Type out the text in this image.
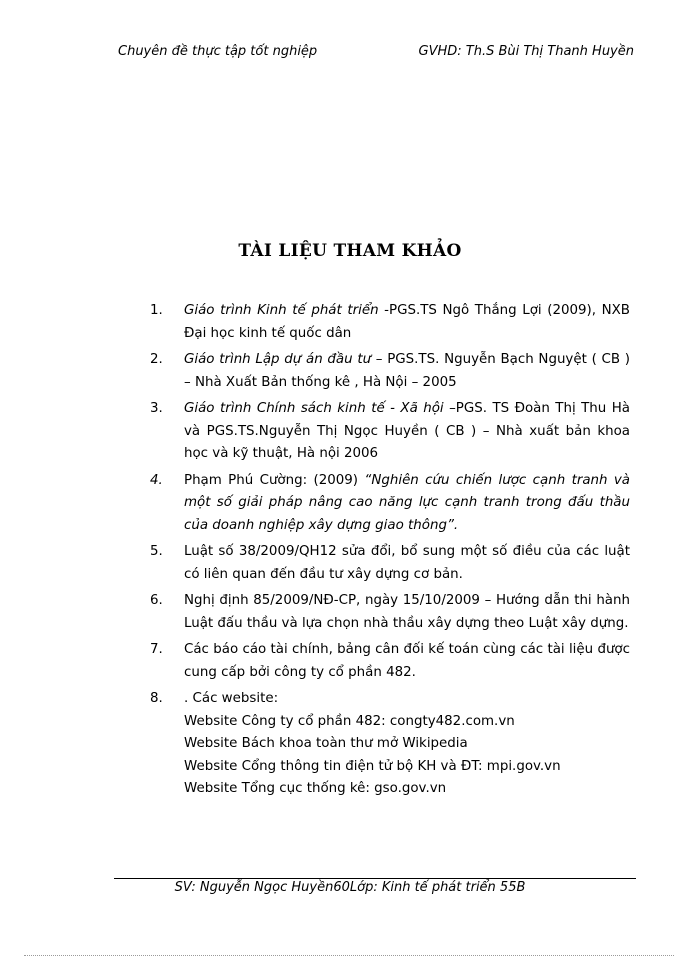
Chuyên đề thực tập tốt nghiệp	GVHD: Th.S Bùi Thị Thanh Huyền
TÀI LIỆU THAM KHẢO
1. Giáo trình Kinh tế phát triển -PGS.TS Ngô Thắng Lợi (2009), NXB Đại học kinh tế quốc dân
2. Giáo trình Lập dự án đầu tư – PGS.TS. Nguyễn Bạch Nguyệt ( CB ) – Nhà Xuất Bản thống kê , Hà Nội – 2005
3. Giáo trình Chính sách kinh tế - Xã hội –PGS. TS Đoàn Thị Thu Hà và PGS.TS.Nguyễn Thị Ngọc Huyền ( CB ) – Nhà xuất bản khoa học và kỹ thuật, Hà nội 2006
4. Phạm Phú Cường: (2009) “Nghiên cứu chiến lược cạnh tranh và một số giải pháp nâng cao năng lực cạnh tranh trong đấu thầu của doanh nghiệp xây dựng giao thông”.
5. Luật số 38/2009/QH12 sửa đổi, bổ sung một số điều của các luật có liên quan đến đầu tư xây dựng cơ bản.
6. Nghị định 85/2009/NĐ-CP, ngày 15/10/2009 – Hướng dẫn thi hành Luật đấu thầu và lựa chọn nhà thầu xây dựng theo Luật xây dựng.
7. Các báo cáo tài chính, bảng cân đối kế toán cùng các tài liệu được cung cấp bởi công ty cổ phần 482.
8. . Các website:
Website Công ty cổ phần 482: congty482.com.vn
Website Bách khoa toàn thư mở Wikipedia
Website Cổng thông tin điện tử bộ KH và ĐT: mpi.gov.vn
Website Tổng cục thống kê: gso.gov.vn
SV: Nguyễn Ngọc Huyền60Lớp: Kinh tế phát triển 55B
